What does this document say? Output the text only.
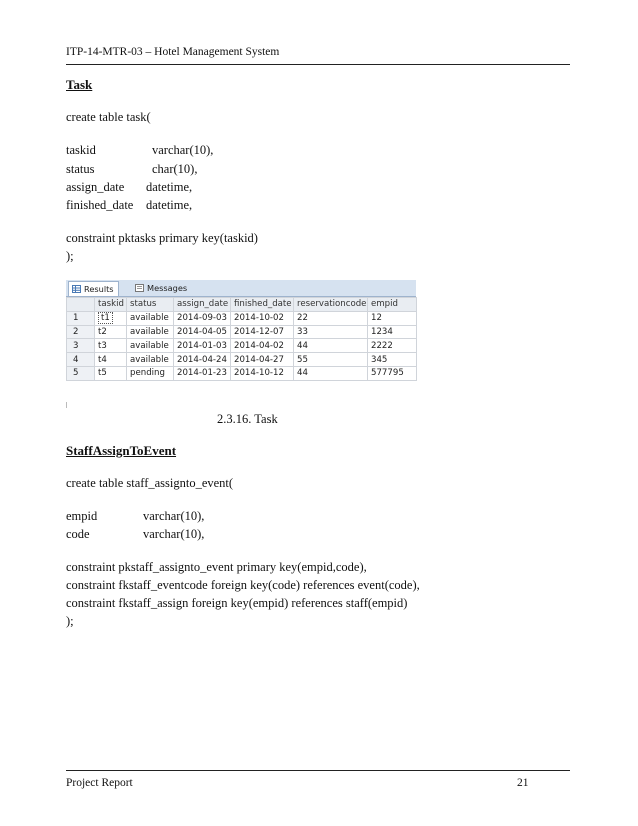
ITP-14-MTR-03 – Hotel Management System
Task
create table task(
taskid	varchar(10),
status	char(10),
assign_date datetime,
finished_date datetime,
constraint pktasks primary key(taskid)
);
Results	Messages
	taskid	status	assign_date	finished_date	reservationcode	empid
1	t1	available	2014-09-03	2014-10-02	22	12
2	t2	available	2014-04-05	2014-12-07	33	1234
3	t3	available	2014-01-03	2014-04-02	44	2222
4	t4	available	2014-04-24	2014-04-27	55	345
5	t5	pending	2014-01-23	2014-10-12	44	577795
2.3.16. Task
StaffAssignToEvent
create table staff_assignto_event(
empid	varchar(10),
code	varchar(10),
constraint pkstaff_assignto_event primary key(empid,code),
constraint fkstaff_eventcode foreign key(code) references event(code),
constraint fkstaff_assign foreign key(empid) references staff(empid)
);
Project Report	21
